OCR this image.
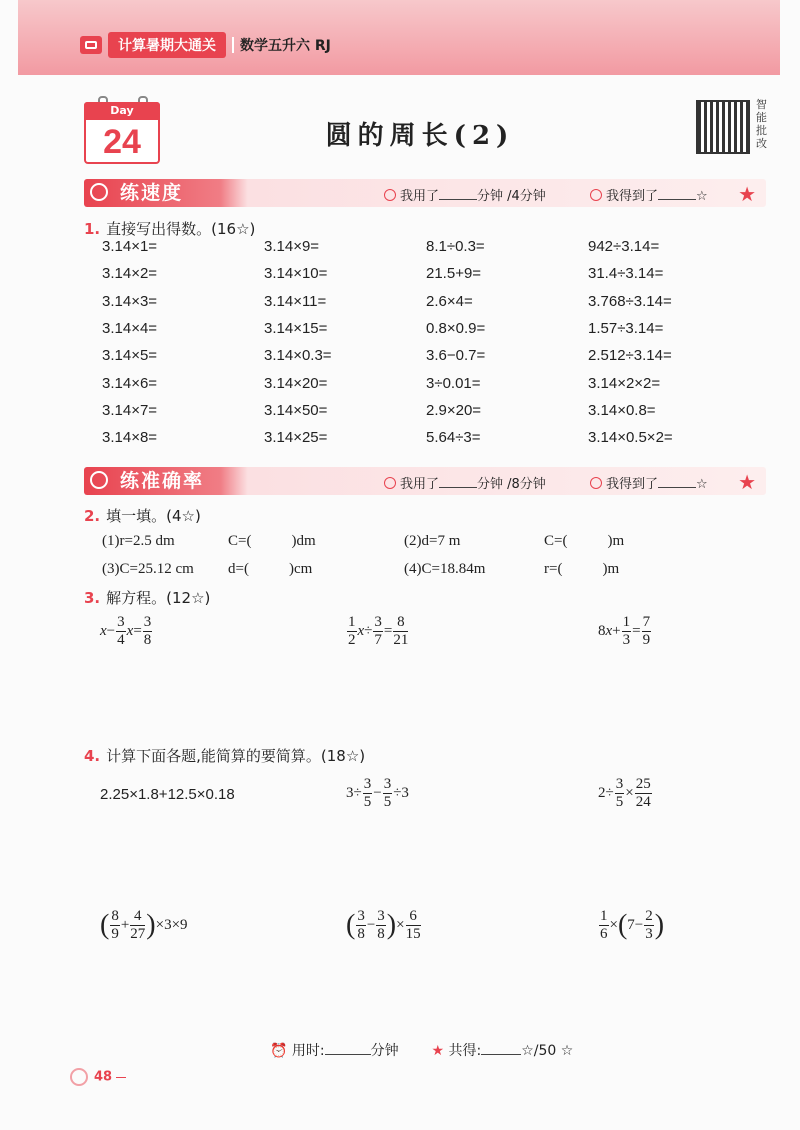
计算暑期大通关	数学五升六 RJ
Day
24	圆的周长(2)
智能批改
练速度	我用了	分钟 /4分钟	我得到了	☆ ★
1. 直接写出得数。(16☆)
3.14×1=	3.14×9=	8.1÷0.3=	942÷3.14=
3.14×2=	3.14×10=	21.5+9=	31.4÷3.14=
3.14×3=	3.14×11=	2.6×4=	3.768÷3.14=
3.14×4=	3.14×15=	0.8×0.9=	1.57÷3.14=
3.14×5=	3.14×0.3=	3.6−0.7=	2.512÷3.14=
3.14×6=	3.14×20=	3÷0.01=	3.14×2×2=
3.14×7=	3.14×50=	2.9×20=	3.14×0.8=
3.14×8=	3.14×25=	5.64÷3=	3.14×0.5×2=
练准确率	我用了	分钟 /8分钟	我得到了	☆ ★
2. 填一填。(4☆)
(1)r=2.5 dm	C=(	)dm	(2)d=7 m	C=(	)m
(3)C=25.12 cm d=(	)cm	(4)C=18.84m	r=(	)m
3. 解方程。(12☆)
$x- \frac{3}{4} x= \frac{3}{8}$	$\frac{1}{2} x\div \frac{3}{7} = \frac{8}{21}$	$8x+ \frac{1}{3} = \frac{7}{9}$
4. 计算下面各题,能简算的要简算。(18☆)
2.25×1.8+12.5×0.18	$3\div \frac{3}{5} - \frac{3}{5} \div 3$	$2\div \frac{3}{5} \times \frac{25}{24}$
( $\frac{8}{9} + \frac{4}{27} )\times 3\times 9$	( $\frac{3}{8} - \frac{3}{8}$ )× $\frac{6}{15}$	$\frac{1}{6} \times(7- \frac{2}{3}$ )
⏰ 用时:	分钟 ★ 共得:	☆/50 ☆
48
